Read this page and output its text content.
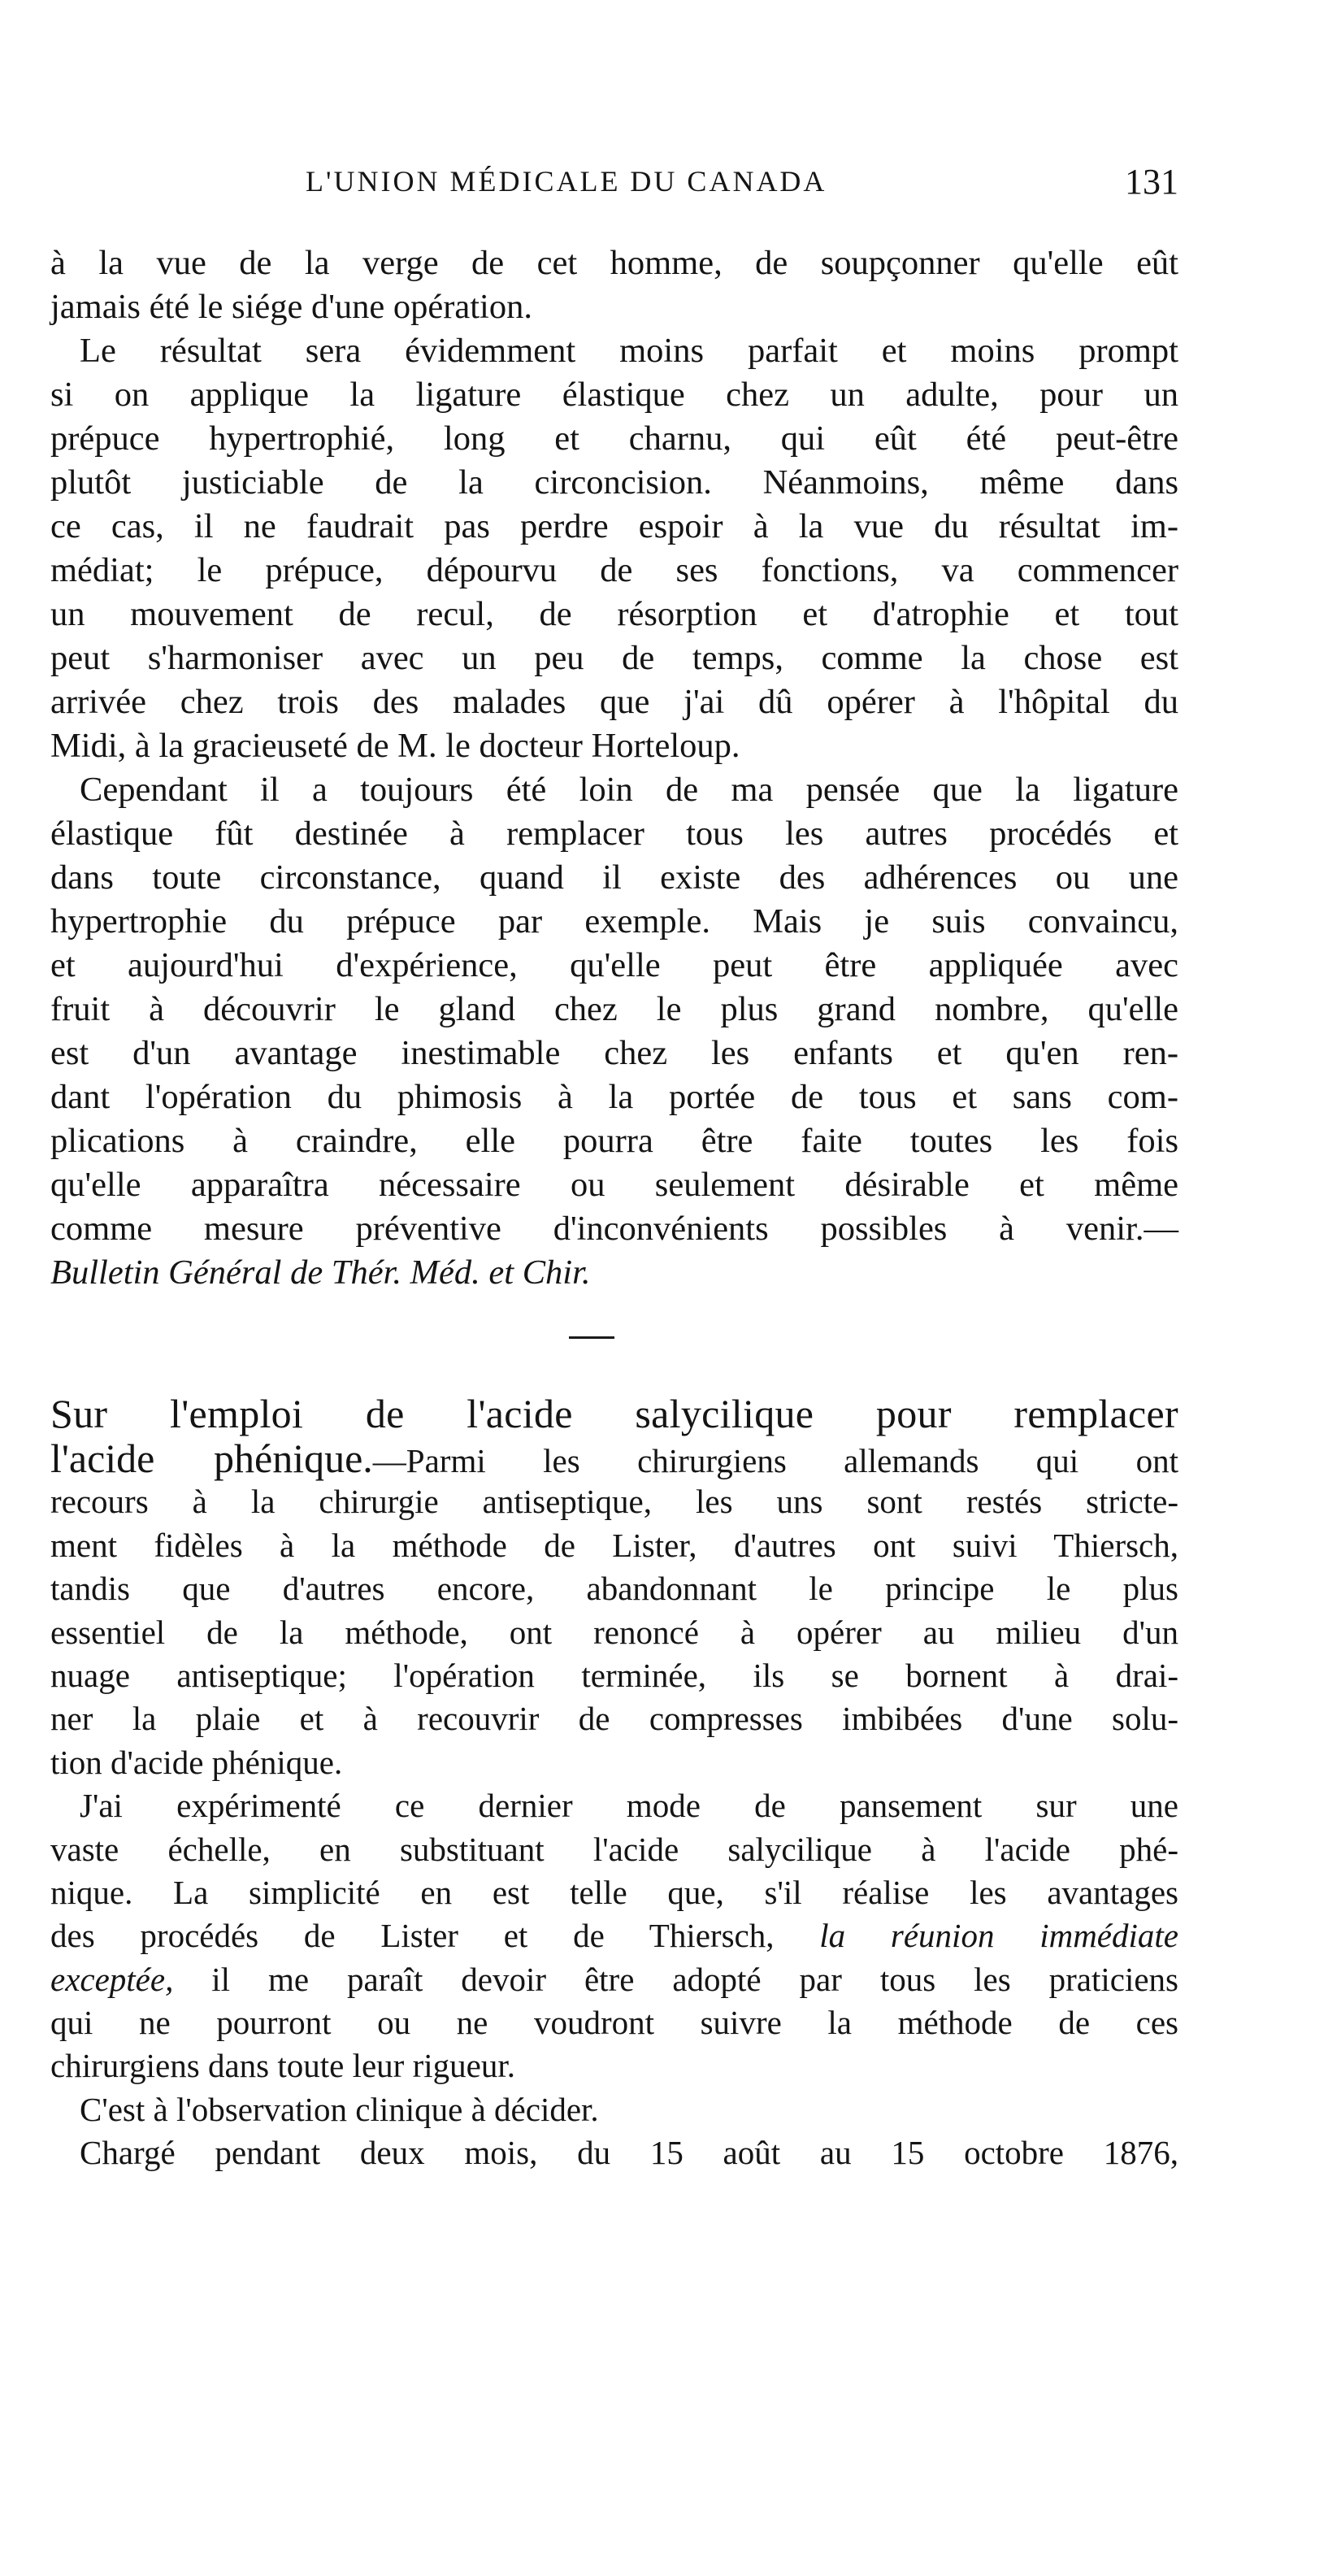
L'UNION MÉDICALE DU CANADA	131
à la vue de la verge de cet homme, de soupçonner qu'elle eût
jamais été le siége d'une opération.
Le résultat sera évidemment moins parfait et moins prompt
si on applique la ligature élastique chez un adulte, pour un
prépuce hypertrophié, long et charnu, qui eût été peut-être
plutôt justiciable de la circoncision. Néanmoins, même dans
ce cas, il ne faudrait pas perdre espoir à la vue du résultat im-
médiat; le prépuce, dépourvu de ses fonctions, va commencer
un mouvement de recul, de résorption et d'atrophie et tout
peut s'harmoniser avec un peu de temps, comme la chose est
arrivée chez trois des malades que j'ai dû opérer à l'hôpital du
Midi, à la gracieuseté de M. le docteur Horteloup.
Cependant il a toujours été loin de ma pensée que la ligature
élastique fût destinée à remplacer tous les autres procédés et
dans toute circonstance, quand il existe des adhérences ou une
hypertrophie du prépuce par exemple. Mais je suis convaincu,
et aujourd'hui d'expérience, qu'elle peut être appliquée avec
fruit à découvrir le gland chez le plus grand nombre, qu'elle
est d'un avantage inestimable chez les enfants et qu'en ren-
dant l'opération du phimosis à la portée de tous et sans com-
plications à craindre, elle pourra être faite toutes les fois
qu'elle apparaîtra nécessaire ou seulement désirable et même
comme mesure préventive d'inconvénients possibles à venir.—
Bulletin Général de Thér. Méd. et Chir.
Sur l'emploi de l'acide salycilique pour remplacer
l'acide phénique.—Parmi les chirurgiens allemands qui ont
recours à la chirurgie antiseptique, les uns sont restés stricte-
ment fidèles à la méthode de Lister, d'autres ont suivi Thiersch,
tandis que d'autres encore, abandonnant le principe le plus
essentiel de la méthode, ont renoncé à opérer au milieu d'un
nuage antiseptique; l'opération terminée, ils se bornent à drai-
ner la plaie et à recouvrir de compresses imbibées d'une solu-
tion d'acide phénique.
J'ai expérimenté ce dernier mode de pansement sur une
vaste échelle, en substituant l'acide salycilique à l'acide phé-
nique. La simplicité en est telle que, s'il réalise les avantages
des procédés de Lister et de Thiersch, la réunion immédiate
exceptée, il me paraît devoir être adopté par tous les praticiens
qui ne pourront ou ne voudront suivre la méthode de ces
chirurgiens dans toute leur rigueur.
C'est à l'observation clinique à décider.
Chargé pendant deux mois, du 15 août au 15 octobre 1876,
